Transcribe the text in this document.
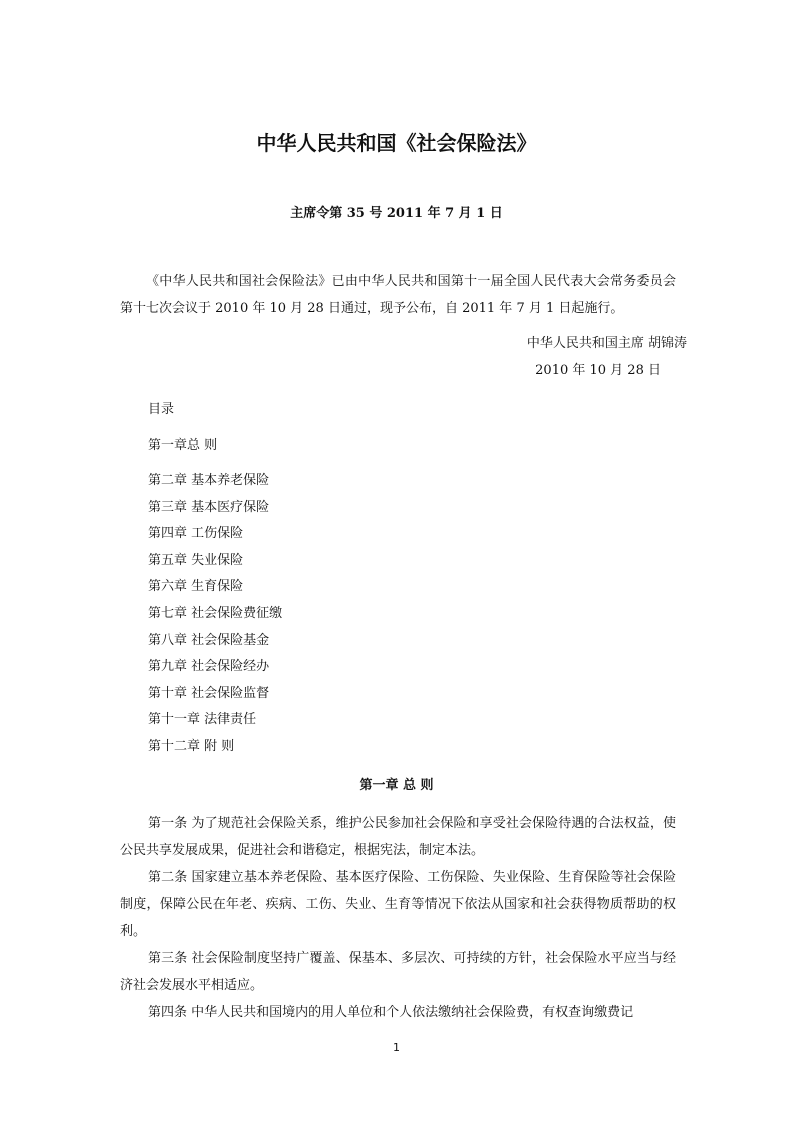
中华人民共和国《社会保险法》
主席令第 35 号 2011 年 7 月 1 日
《中华人民共和国社会保险法》已由中华人民共和国第十一届全国人民代表大会常务委员会第十七次会议于 2010 年 10 月 28 日通过，现予公布，自 2011 年 7 月 1 日起施行。
中华人民共和国主席 胡锦涛
2010 年 10 月 28 日
目录
第一章总 则
第二章 基本养老保险
第三章 基本医疗保险
第四章 工伤保险
第五章 失业保险
第六章 生育保险
第七章 社会保险费征缴
第八章 社会保险基金
第九章 社会保险经办
第十章 社会保险监督
第十一章 法律责任
第十二章 附 则
第一章 总 则

第一条 为了规范社会保险关系，维护公民参加社会保险和享受社会保险待遇的合法权益，使公民共享发展成果，促进社会和谐稳定，根据宪法，制定本法。

第二条 国家建立基本养老保险、基本医疗保险、工伤保险、失业保险、生育保险等社会保险制度，保障公民在年老、疾病、工伤、失业、生育等情况下依法从国家和社会获得物质帮助的权利。

第三条 社会保险制度坚持广覆盖、保基本、多层次、可持续的方针，社会保险水平应当与经济社会发展水平相适应。

第四条 中华人民共和国境内的用人单位和个人依法缴纳社会保险费，有权查询缴费记

1
